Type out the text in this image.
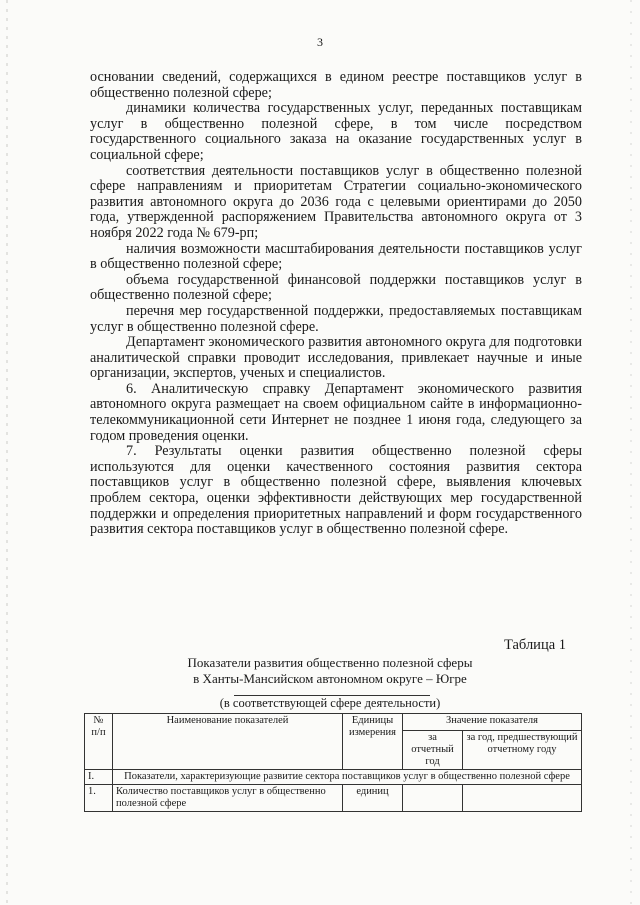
3

основании сведений, содержащихся в едином реестре поставщиков услуг в общественно полезной сфере;

динамики количества государственных услуг, переданных поставщикам услуг в общественно полезной сфере, в том числе посредством государственного социального заказа на оказание государственных услуг в социальной сфере;

соответствия деятельности поставщиков услуг в общественно полезной сфере направлениям и приоритетам Стратегии социально-экономического развития автономного округа до 2036 года с целевыми ориентирами до 2050 года, утвержденной распоряжением Правительства автономного округа от 3 ноября 2022 года № 679-рп;

наличия возможности масштабирования деятельности поставщиков услуг в общественно полезной сфере;

объема государственной финансовой поддержки поставщиков услуг в общественно полезной сфере;

перечня мер государственной поддержки, предоставляемых поставщикам услуг в общественно полезной сфере.

Департамент экономического развития автономного округа для подготовки аналитической справки проводит исследования, привлекает научные и иные организации, экспертов, ученых и специалистов.

6. Аналитическую справку Департамент экономического развития автономного округа размещает на своем официальном сайте в информационно-телекоммуникационной сети Интернет не позднее 1 июня года, следующего за годом проведения оценки.

7. Результаты оценки развития общественно полезной сферы используются для оценки качественного состояния развития сектора поставщиков услуг в общественно полезной сфере, выявления ключевых проблем сектора, оценки эффективности действующих мер государственной поддержки и определения приоритетных направлений и форм государственного развития сектора поставщиков услуг в общественно полезной сфере.

Таблица 1
Показатели развития общественно полезной сферы
в Ханты-Мансийском автономном округе – Югре
(в соответствующей сфере деятельности)
№ п/п	Наименование показателей	Единицы измерения	Значение показателя	
			за отчетный год	за год, предшествующий отчетному году
I.	Показатели, характеризующие развитие сектора поставщиков услуг в общественно полезной сфере			
1.	Количество поставщиков услуг в общественно полезной сфере	единиц		
